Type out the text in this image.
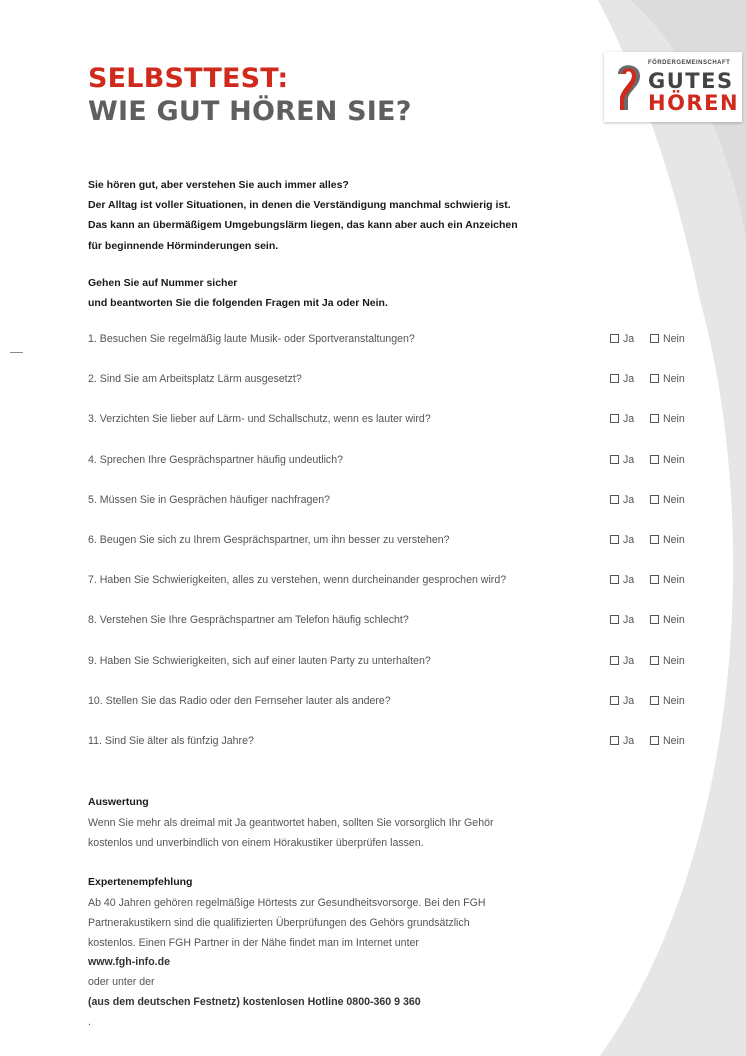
SELBSTTEST:
WIE GUT HÖREN SIE?
FÖRDERGEMEINSCHAFT
GUTES
HÖREN
Sie hören gut, aber verstehen Sie auch immer alles?
Der Alltag ist voller Situationen, in denen die Verständigung manchmal schwierig ist.
Das kann an übermäßigem Umgebungslärm liegen, das kann aber auch ein Anzeichen
für beginnende Hörminderungen sein.
Gehen Sie auf Nummer sicher
und beantworten Sie die folgenden Fragen mit Ja oder Nein.
1. Besuchen Sie regelmäßig laute Musik- oder Sportveranstaltungen?	Ja	Nein
2. Sind Sie am Arbeitsplatz Lärm ausgesetzt?	Ja	Nein
3. Verzichten Sie lieber auf Lärm- und Schallschutz, wenn es lauter wird?	Ja	Nein
4. Sprechen Ihre Gesprächspartner häufig undeutlich?	Ja	Nein
5. Müssen Sie in Gesprächen häufiger nachfragen?	Ja	Nein
6. Beugen Sie sich zu Ihrem Gesprächspartner, um ihn besser zu verstehen?	Ja	Nein
7. Haben Sie Schwierigkeiten, alles zu verstehen, wenn durcheinander gesprochen wird?	Ja	Nein
8. Verstehen Sie Ihre Gesprächspartner am Telefon häufig schlecht?	Ja	Nein
9. Haben Sie Schwierigkeiten, sich auf einer lauten Party zu unterhalten?	Ja	Nein
10. Stellen Sie das Radio oder den Fernseher lauter als andere?	Ja	Nein
11. Sind Sie älter als fünfzig Jahre?	Ja	Nein
Auswertung

Wenn Sie mehr als dreimal mit Ja geantwortet haben, sollten Sie vorsorglich Ihr Gehör
kostenlos und unverbindlich von einem Hörakustiker überprüfen lassen.

Expertenempfehlung

Ab 40 Jahren gehören regelmäßige Hörtests zur Gesundheitsvorsorge. Bei den FGH
Partnerakustikern sind die qualifizierten Überprüfungen des Gehörs grundsätzlich
kostenlos. Einen FGH Partner in der Nähe findet man im Internet unter
www.fgh-info.de
oder unter der
(aus dem deutschen Festnetz) kostenlosen Hotline 0800-360 9 360
.
